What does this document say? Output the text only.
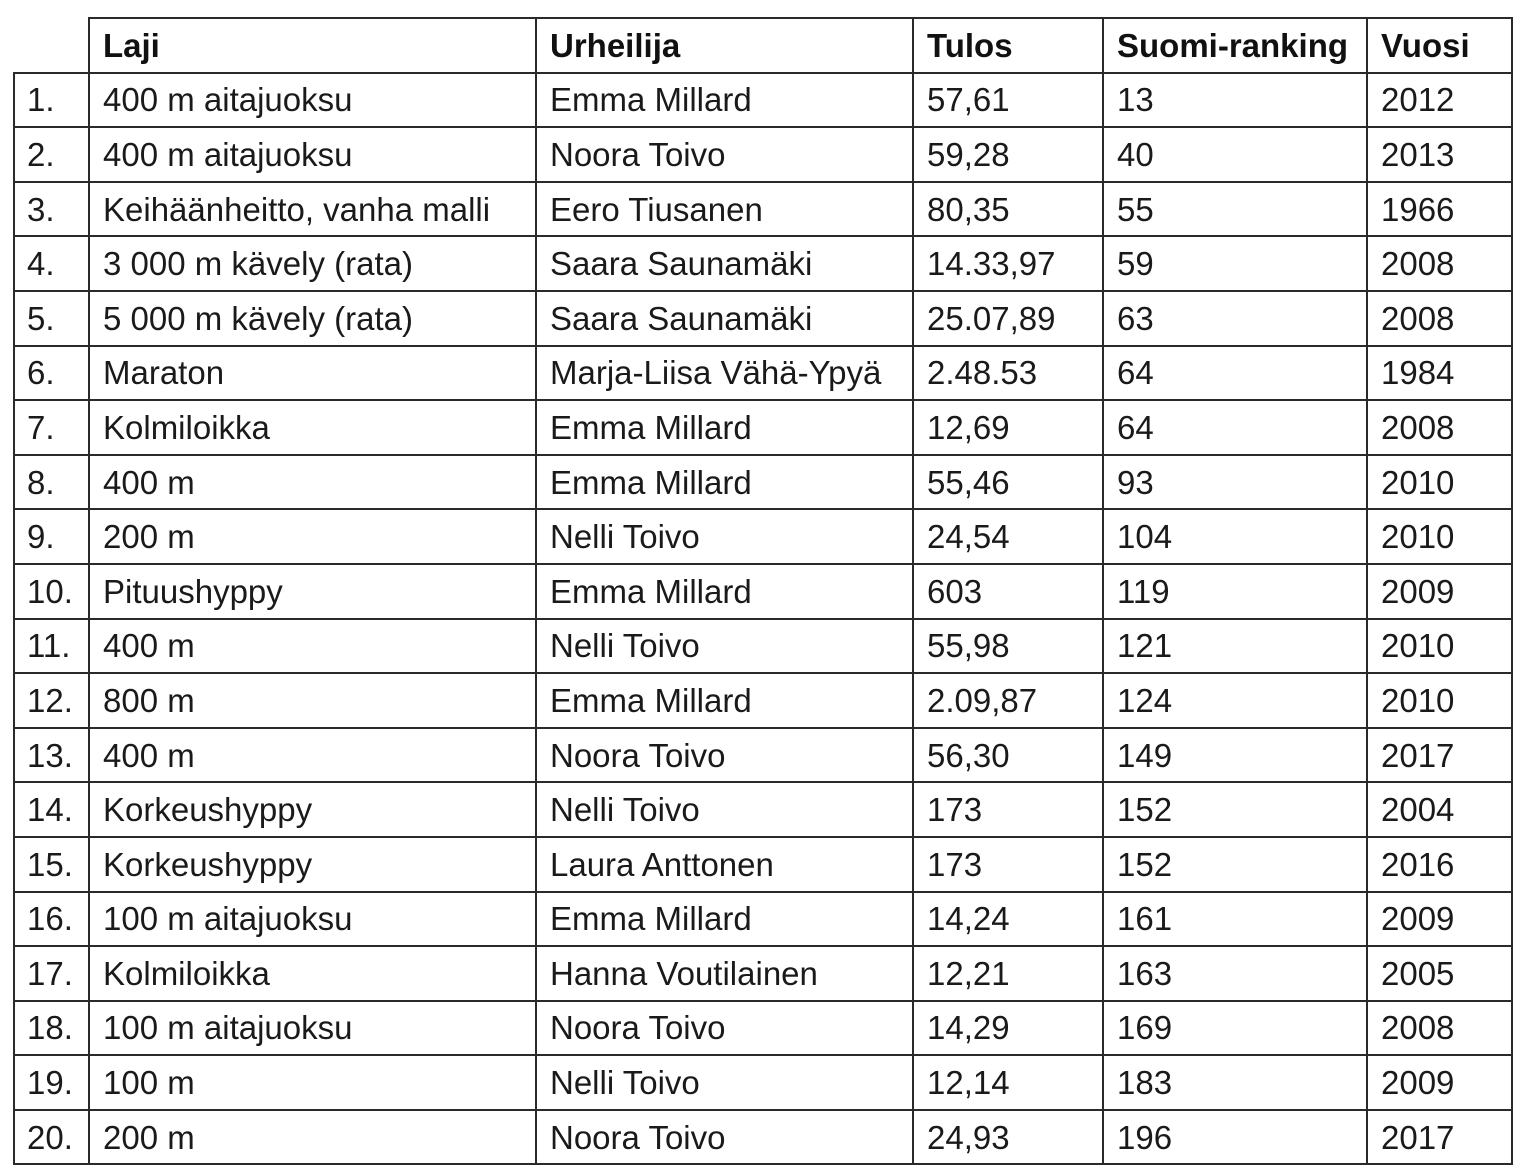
	Laji	Urheilija	Tulos	Suomi-ranking	Vuosi
1.	400 m aitajuoksu	Emma Millard	57,61	13	2012
2.	400 m aitajuoksu	Noora Toivo	59,28	40	2013
3.	Keihäänheitto, vanha malli	Eero Tiusanen	80,35	55	1966
4.	3 000 m kävely (rata)	Saara Saunamäki	14.33,97	59	2008
5.	5 000 m kävely (rata)	Saara Saunamäki	25.07,89	63	2008
6.	Maraton	Marja-Liisa Vähä-Ypyä	2.48.53	64	1984
7.	Kolmiloikka	Emma Millard	12,69	64	2008
8.	400 m	Emma Millard	55,46	93	2010
9.	200 m	Nelli Toivo	24,54	104	2010
10.	Pituushyppy	Emma Millard	603	119	2009
11.	400 m	Nelli Toivo	55,98	121	2010
12.	800 m	Emma Millard	2.09,87	124	2010
13.	400 m	Noora Toivo	56,30	149	2017
14.	Korkeushyppy	Nelli Toivo	173	152	2004
15.	Korkeushyppy	Laura Anttonen	173	152	2016
16.	100 m aitajuoksu	Emma Millard	14,24	161	2009
17.	Kolmiloikka	Hanna Voutilainen	12,21	163	2005
18.	100 m aitajuoksu	Noora Toivo	14,29	169	2008
19.	100 m	Nelli Toivo	12,14	183	2009
20.	200 m	Noora Toivo	24,93	196	2017
